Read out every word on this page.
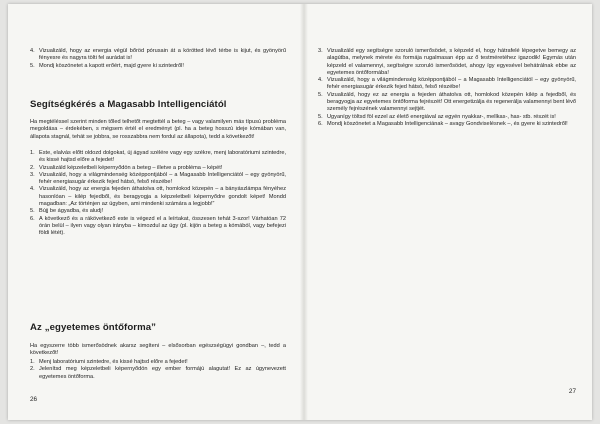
4. Vizualizáld, hogy az energia végül bőröd pórusain át a körötted lévő térbe is kijut, és gyönyörű fényesre és nagyra tölti fel aurádat is!
5. Mondj köszönetet a kapott erőért, majd gyere ki szintedről!
Segítségkérés a Magasabb Intelligenciától

Ha megtéléssel szerint minden tőled telhetőt megtettél a beteg – vagy valamilyen más típusú probléma megoldása – érdekében, s mégsem értél el eredményt (pl. ha a beteg hosszú ideje kómában van, állapota stagnál, tehát se jobbra, se rosszabbra nem fordul az állapota), tedd a következőt!

1. Este, elalvás előtt oldozd dolgokat, új ágyad szélére vagy egy székre, menj laboratóriumi szintedre, és kissé hajtsd előre a fejedet!
2. Vizualizáld képzeletbeli képernyődön a beteg – illetve a probléma – képét!
3. Vizualizáld, hogy a világmindenség középpontjából – a Magasabb Intelligenciától – egy gyönyörű, fehér energiasugár érkezik fejed hátsó, felső részébe!
4. Vizualizáld, hogy az energia fejeden áthatolva ott, homlokod közepén – a bányászlámpa fényéhez hasonlóan – kilép fejedből, és beragyogja a képzeletbeli képernyődre gondolt képet! Mondd magadban: „Az történjen az ügyben, ami mindenki számára a legjobb!”
5. Bújj be ágyadba, és aludj!
6. A következő és a rákövetkező este is végezd el a leírtakat, összesen tehát 3-szor! Várhatóan 72 órán belül – ilyen vagy olyan irányba – kimozdul az ügy (pl. kijön a beteg a kómából, vagy befejezi földi létét).
Az „egyetemes öntőforma”

Ha egyszerre több ismerősödnek akarsz segíteni – elsősorban egészségügyi gondban –, tedd a következőt!

1. Menj laboratóriumi szintedre, és kissé hajtsd előre a fejedet!
2. Jelenítsd meg képzeletbeli képernyődön egy ember formájú alagutat! Ez az úgynevezett egyetemes öntőforma.
26
3. Vizualizáld egy segítségre szoruló ismerősödet, s képzeld el, hogy hátrafelé lépegetve bemegy az alagútba, melynek mérete és formája rugalmasan épp az ő testméretéhez igazodik! Egymás után képzeld el valamennyi, segítségre szoruló ismerősödet, ahogy így egyesével behátrálnak ebbe az egyetemes öntőformába!
4. Vizualizáld, hogy a világmindenség középpontjából – a Magasabb Intelligenciától – egy gyönyörű, fehér energiasugár érkezik fejed hátsó, felső részébe!
5. Vizualizáld, hogy ez az energia a fejeden áthatolva ott, homlokod közepén kilép a fejedből, és beragyogja az egyetemes öntőforma fejrészét! Ott energetizálja és regenerálja valamennyi bent lévő személy fejrészének valamennyi sejtjét.
5. Ugyanígy töltsd föl ezzel az élető energiával az egyén nyakkar-, mellkas-, has- stb. részét is!
6. Mondj köszönetet a Magasabb Intelligenciának – avagy Gondviselésnek –, és gyere ki szintedről!
27
